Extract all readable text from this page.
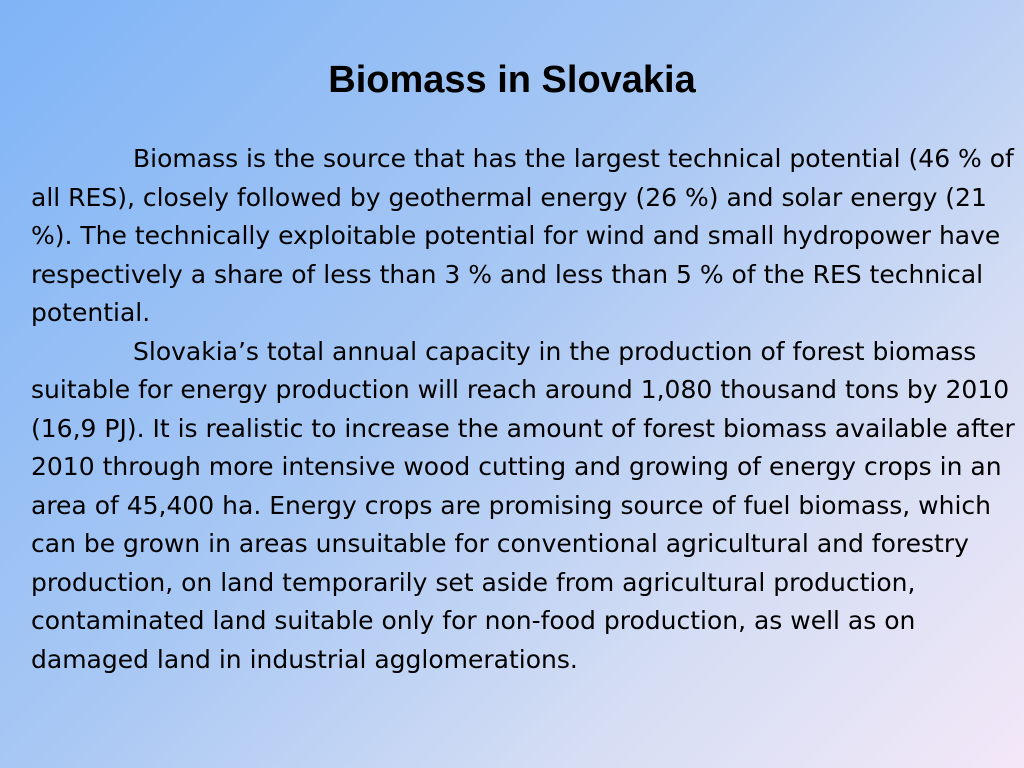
Biomass in Slovakia

Biomass is the source that has the largest technical potential (46 % of all RES), closely followed by geothermal energy (26 %) and solar energy (21 %). The technically exploitable potential for wind and small hydropower have respectively a share of less than 3 % and less than 5 % of the RES technical potential.

Slovakia’s total annual capacity in the production of forest biomass suitable for energy production will reach around 1,080 thousand tons by 2010 (16,9 PJ). It is realistic to increase the amount of forest biomass available after 2010 through more intensive wood cutting and growing of energy crops in an area of 45,400 ha. Energy crops are promising source of fuel biomass, which can be grown in areas unsuitable for conventional agricultural and forestry production, on land temporarily set aside from agricultural production, contaminated land suitable only for non-food production, as well as on damaged land in industrial agglomerations.
